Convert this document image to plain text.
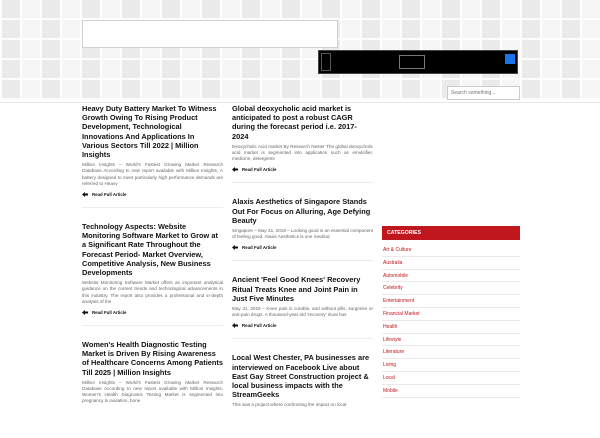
Search something...
Heavy Duty Battery Market To Witness Growth Owing To Rising Product Development, Technological Innovations And Applications In Various Sectors Till 2022 | Million Insights
Million Insights – World's Fastest Growing Market Research Database According to new report available with Million Insights, A battery designed to meet particularly high performance demands are referred to Heavy
Read Full Article
Technology Aspects: Website Monitoring Software Market to Grow at a Significant Rate Throughout the Forecast Period- Market Overview, Competitive Analysis, New Business Developments
Website Monitoring Software Market offers an important analytical guidance on the current trends and technological advancements in this industry. The report also provides a professional and in-depth analysis of the
Read Full Article
Women's Health Diagnostic Testing Market is Driven By Rising Awareness of Healthcare Concerns Among Patients Till 2025 | Million Insights
Million Insights – World's Fastest Growing Market Research Database According to new report available with Million Insights, Women's Health Diagnostic Testing Market is segmented into pregnancy & ovulation, bone
Global deoxycholic acid market is anticipated to post a robust CAGR during the forecast period i.e. 2017-2024
Deoxycholic Acid market By Research Nester The global deoxycholic acid market is segmented into application such as emulsifier, medicine, detergents
Read Full Article
Alaxis Aesthetics of Singapore Stands Out For Focus on Alluring, Age Defying Beauty
Singapore – May 31, 2018 – Looking good is an essential component of feeling good. Alaxis Aesthetics is one medical
Read Full Article
Ancient 'Feel Good Knees' Recovery Ritual Treats Knee and Joint Pain in Just Five Minutes
May 31, 2018 – Knee pain is curable, and without pills, surgeries or anti-pain drugs. A thousand-year-old 'recovery' ritual has
Read Full Article
Local West Chester, PA businesses are interviewed on Facebook Live about East Gay Street Construction project & local business impacts with the StreamGeeks
This was a project where confronting the impact on local
CATEGORIES
Art & Culture
Australia
Automobile
Celebrity
Entertainment
Financial Market
Health
Lifestyle
Literature
Living
Local
Mobile
